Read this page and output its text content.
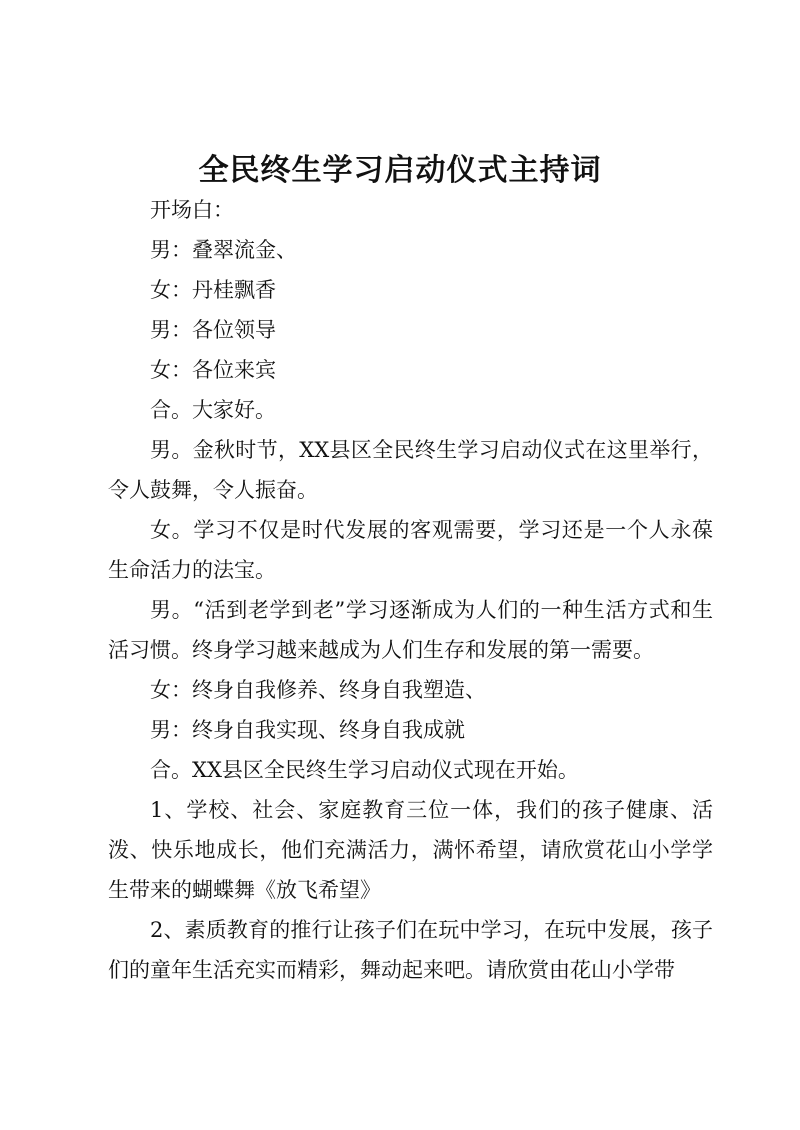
全民终生学习启动仪式主持词

开场白：

男：叠翠流金、

女：丹桂飘香

男：各位领导

女：各位来宾

合。大家好。

男。金秋时节，XX县区全民终生学习启动仪式在这里举行，令人鼓舞，令人振奋。

女。学习不仅是时代发展的客观需要，学习还是一个人永葆生命活力的法宝。

男。“活到老学到老”学习逐渐成为人们的一种生活方式和生活习惯。终身学习越来越成为人们生存和发展的第一需要。

女：终身自我修养、终身自我塑造、

男：终身自我实现、终身自我成就

合。XX县区全民终生学习启动仪式现在开始。

1、学校、社会、家庭教育三位一体，我们的孩子健康、活泼、快乐地成长，他们充满活力，满怀希望，请欣赏花山小学学生带来的蝴蝶舞《放飞希望》

2、素质教育的推行让孩子们在玩中学习，在玩中发展，孩子们的童年生活充实而精彩，舞动起来吧。请欣赏由花山小学带
